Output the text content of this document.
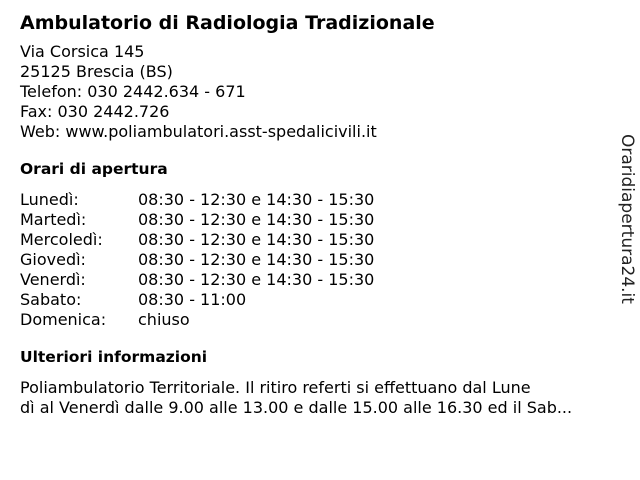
Ambulatorio di Radiologia Tradizionale
Via Corsica 145
25125 Brescia (BS)
Telefon: 030 2442.634 - 671
Fax: 030 2442.726
Web: www.poliambulatori.asst-spedalicivili.it
Orari di apertura
Lunedì:	08:30 - 12:30 e 14:30 - 15:30
Martedì:	08:30 - 12:30 e 14:30 - 15:30
Mercoledì:	08:30 - 12:30 e 14:30 - 15:30
Giovedì:	08:30 - 12:30 e 14:30 - 15:30
Venerdì:	08:30 - 12:30 e 14:30 - 15:30
Sabato:	08:30 - 11:00
Domenica:	chiuso
Ulteriori informazioni
Poliambulatorio Territoriale. Il ritiro referti si effettuano dal Lune
dì al Venerdì dalle 9.00 alle 13.00 e dalle 15.00 alle 16.30 ed il Sab...
Oraridiapertura24.it
